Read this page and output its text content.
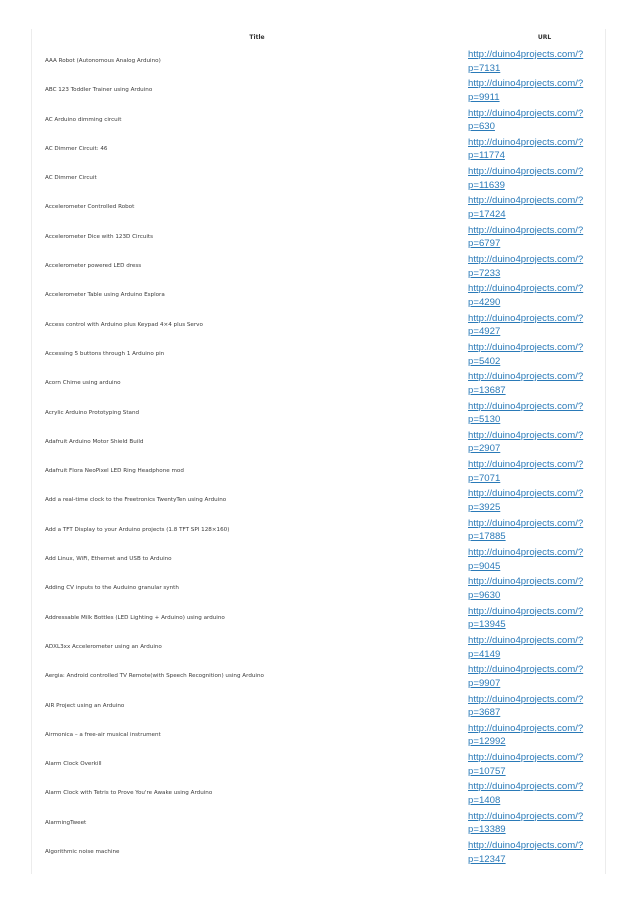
Title	URL
AAA Robot (Autonomous Analog Arduino)
http://duino4projects.com/?
p=7131
ABC 123 Toddler Trainer using Arduino
http://duino4projects.com/?
p=9911
AC Arduino dimming circuit
http://duino4projects.com/?
p=630
AC Dimmer Circuit: 46
http://duino4projects.com/?
p=11774
AC Dimmer Circuit
http://duino4projects.com/?
p=11639
Accelerometer Controlled Robot
http://duino4projects.com/?
p=17424
Accelerometer Dice with 123D Circuits
http://duino4projects.com/?
p=6797
Accelerometer powered LED dress
http://duino4projects.com/?
p=7233
Accelerometer Table using Arduino Esplora
http://duino4projects.com/?
p=4290
Access control with Arduino plus Keypad 4×4 plus Servo
http://duino4projects.com/?
p=4927
Accessing 5 buttons through 1 Arduino pin
http://duino4projects.com/?
p=5402
Acorn Chime using arduino
http://duino4projects.com/?
p=13687
Acrylic Arduino Prototyping Stand
http://duino4projects.com/?
p=5130
Adafruit Arduino Motor Shield Build
http://duino4projects.com/?
p=2907
Adafruit Flora NeoPixel LED Ring Headphone mod
http://duino4projects.com/?
p=7071
Add a real-time clock to the Freetronics TwentyTen using Arduino
http://duino4projects.com/?
p=3925
Add a TFT Display to your Arduino projects (1.8 TFT SPI 128×160)
http://duino4projects.com/?
p=17885
Add Linux, WiFi, Ethernet and USB to Arduino
http://duino4projects.com/?
p=9045
Adding CV inputs to the Auduino granular synth
http://duino4projects.com/?
p=9630
Addressable Milk Bottles (LED Lighting + Arduino) using arduino
http://duino4projects.com/?
p=13945
ADXL3xx Accelerometer using an Arduino
http://duino4projects.com/?
p=4149
Aergia: Android controlled TV Remote(with Speech Recognition) using Arduino
http://duino4projects.com/?
p=9907
AIR Project using an Arduino
http://duino4projects.com/?
p=3687
Airmonica – a free-air musical instrument
http://duino4projects.com/?
p=12992
Alarm Clock Overkill
http://duino4projects.com/?
p=10757
Alarm Clock with Tetris to Prove You're Awake using Arduino
http://duino4projects.com/?
p=1408
AlarmingTweet
http://duino4projects.com/?
p=13389
Algorithmic noise machine
http://duino4projects.com/?
p=12347
